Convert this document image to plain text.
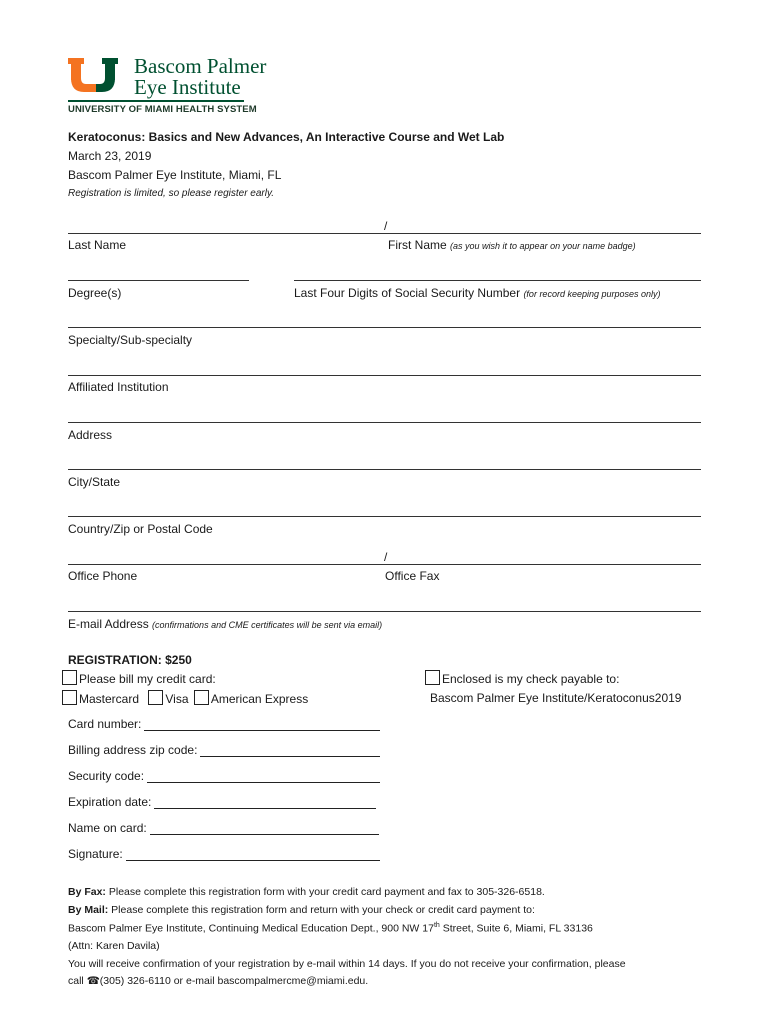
Bascom Palmer
Eye Institute
UNIVERSITY OF MIAMI HEALTH SYSTEM
Keratoconus: Basics and New Advances, An Interactive Course and Wet Lab
March 23, 2019
Bascom Palmer Eye Institute, Miami, FL
Registration is limited, so please register early.
/
Last Name	First Name (as you wish it to appear on your name badge)
Degree(s)	Last Four Digits of Social Security Number (for record keeping purposes only)
Specialty/Sub-specialty
Affiliated Institution
Address
City/State
Country/Zip or Postal Code
/
Office Phone	Office Fax
E-mail Address (confirmations and CME certificates will be sent via email)
REGISTRATION: $250
Please bill my credit card:
Mastercard Visa American Express
Enclosed is my check payable to:
Bascom Palmer Eye Institute/Keratoconus2019
Card number:
Billing address zip code:
Security code:
Expiration date:
Name on card:
Signature:
By Fax: Please complete this registration form with your credit card payment and fax to 305-326-6518.
By Mail: Please complete this registration form and return with your check or credit card payment to:
Bascom Palmer Eye Institute, Continuing Medical Education Dept., 900 NW 17th Street, Suite 6, Miami, FL 33136
(Attn: Karen Davila)
You will receive confirmation of your registration by e-mail within 14 days. If you do not receive your confirmation, please
call ☎(305) 326-6110 or e-mail bascompalmercme@miami.edu.
